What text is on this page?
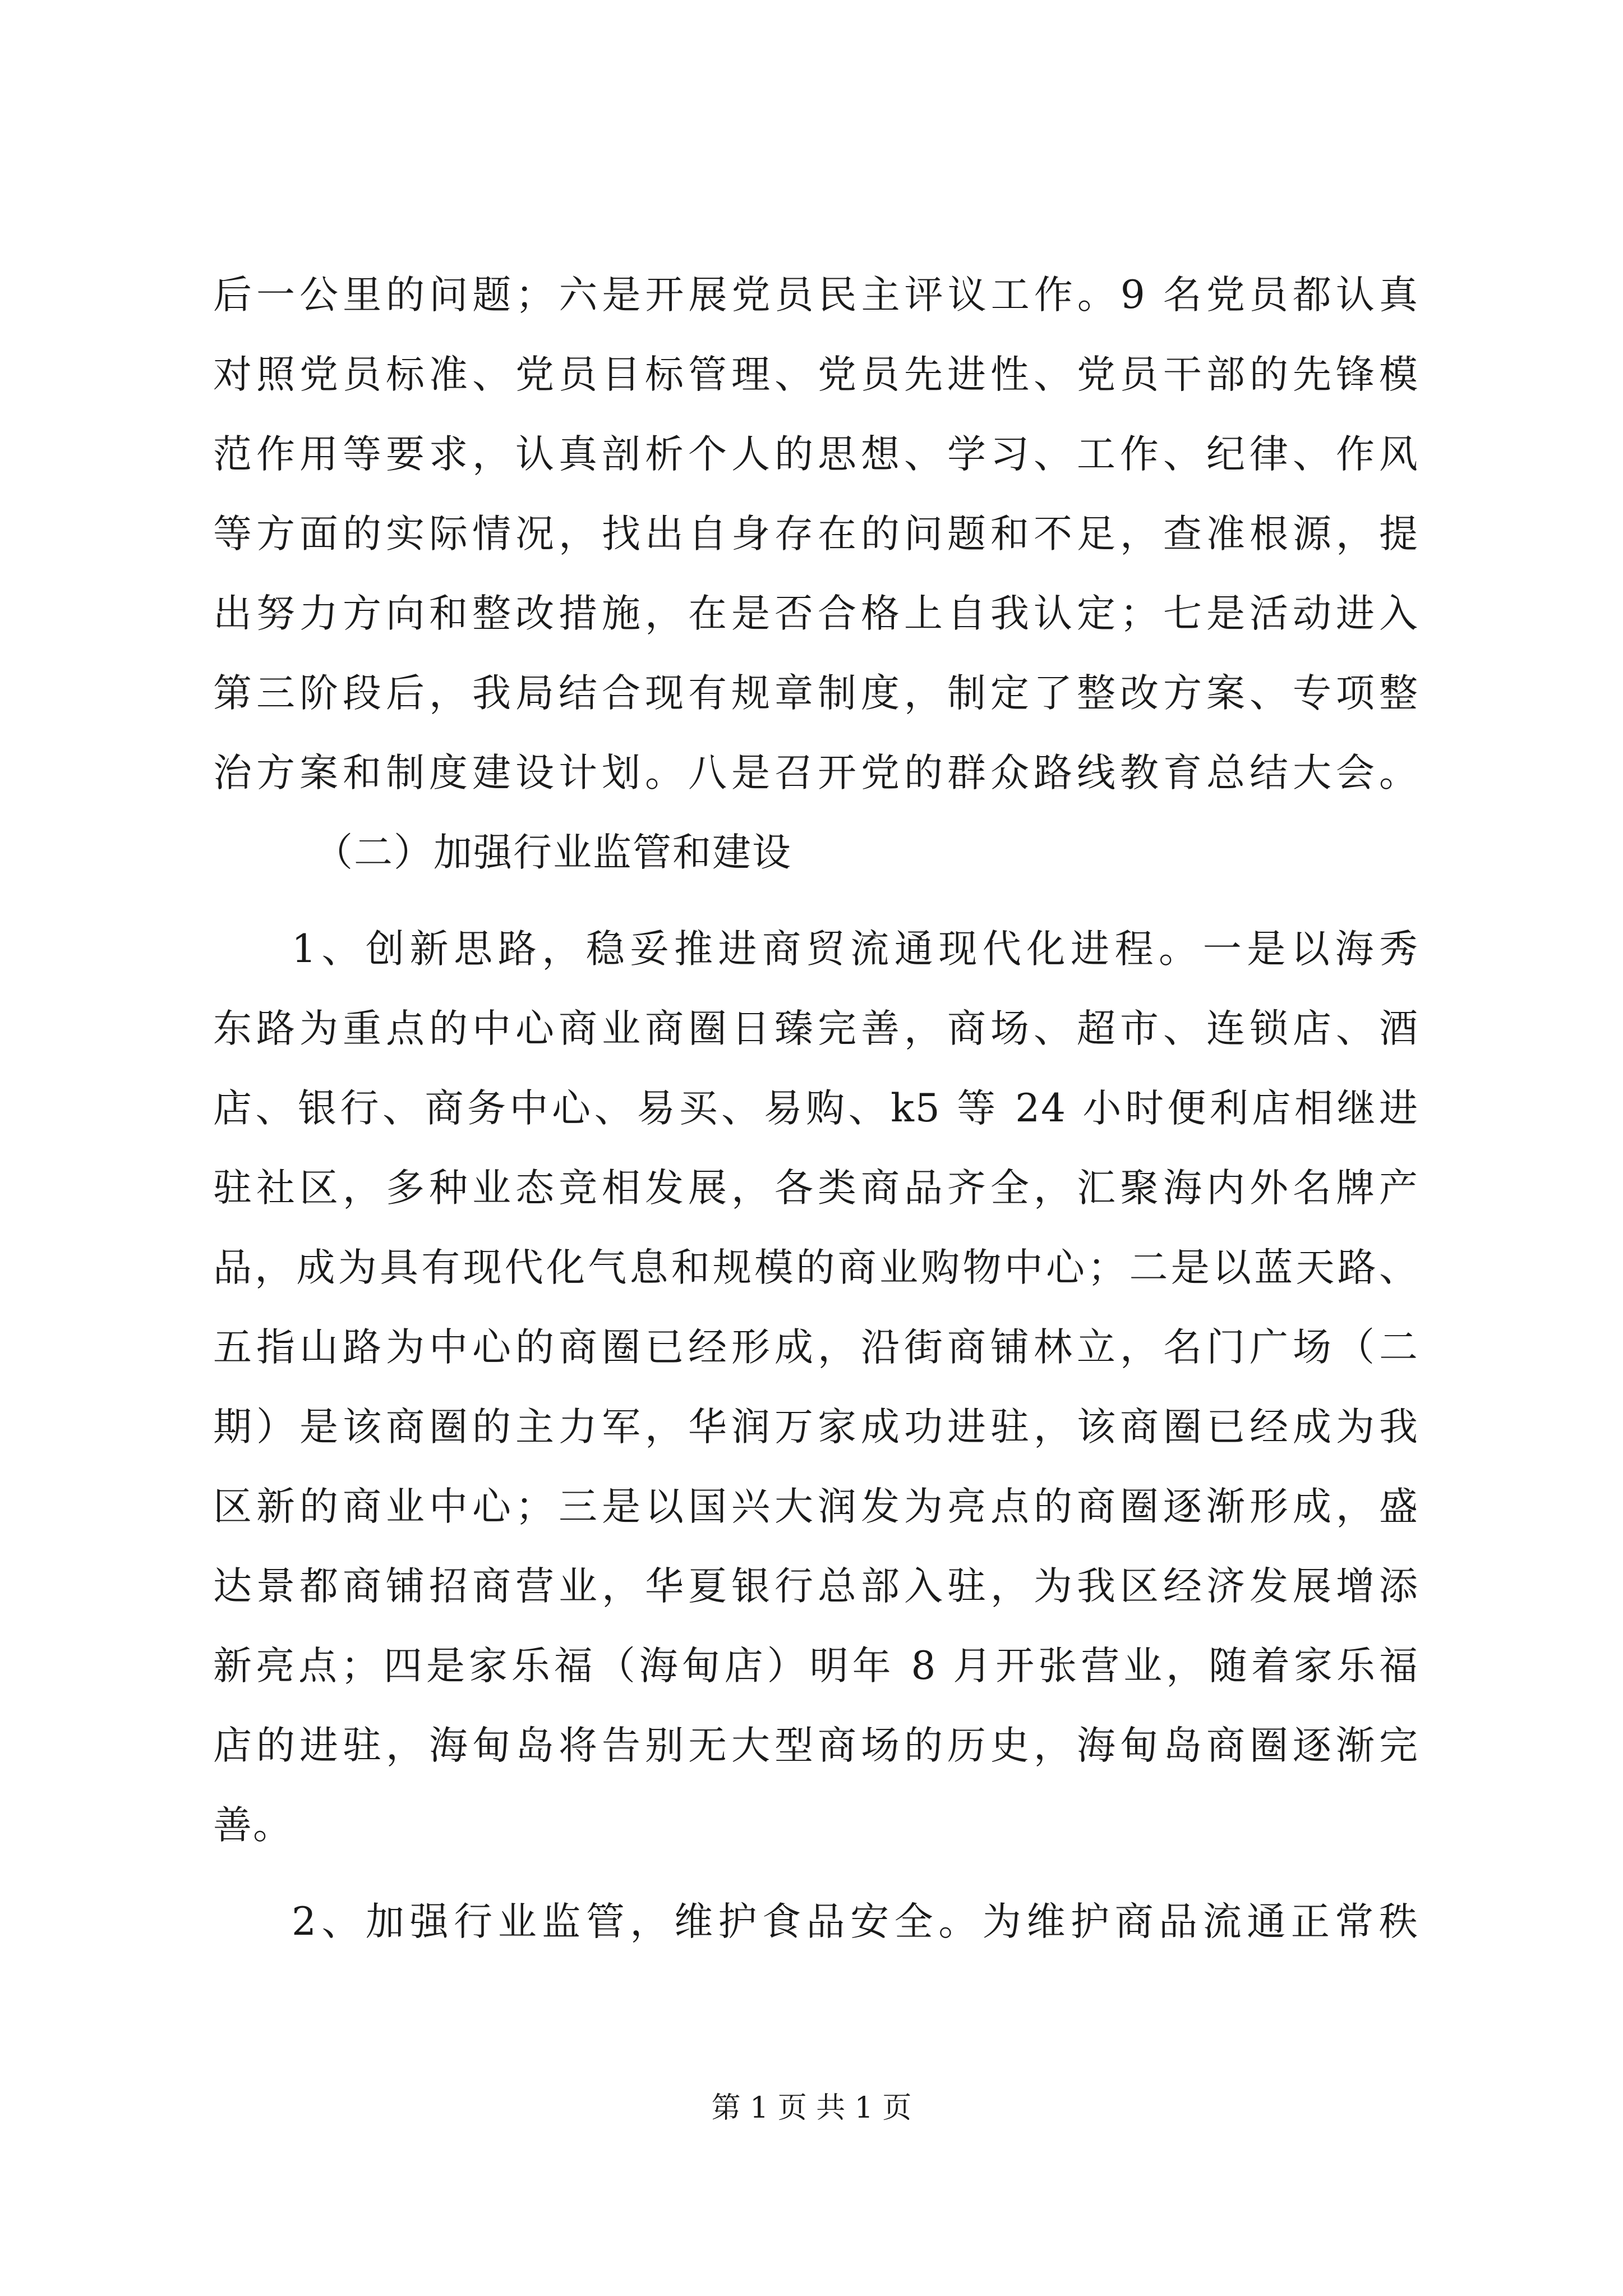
后一公里的问题；六是开展党员民主评议工作。9 名党员都认真
对照党员标准、党员目标管理、党员先进性、党员干部的先锋模
范作用等要求，认真剖析个人的思想、学习、工作、纪律、作风
等方面的实际情况，找出自身存在的问题和不足，查准根源，提
出努力方向和整改措施，在是否合格上自我认定；七是活动进入
第三阶段后，我局结合现有规章制度，制定了整改方案、专项整
治方案和制度建设计划。八是召开党的群众路线教育总结大会。
（二）加强行业监管和建设
1、创新思路，稳妥推进商贸流通现代化进程。一是以海秀
东路为重点的中心商业商圈日臻完善，商场、超市、连锁店、酒
店、银行、商务中心、易买、易购、k5 等 24 小时便利店相继进
驻社区，多种业态竞相发展，各类商品齐全，汇聚海内外名牌产
品，成为具有现代化气息和规模的商业购物中心；二是以蓝天路、
五指山路为中心的商圈已经形成，沿街商铺林立，名门广场（二
期）是该商圈的主力军，华润万家成功进驻，该商圈已经成为我
区新的商业中心；三是以国兴大润发为亮点的商圈逐渐形成，盛
达景都商铺招商营业，华夏银行总部入驻，为我区经济发展增添
新亮点；四是家乐福（海甸店）明年 8 月开张营业，随着家乐福
店的进驻，海甸岛将告别无大型商场的历史，海甸岛商圈逐渐完
善。
2、加强行业监管，维护食品安全。为维护商品流通正常秩
第 1 页 共 1 页
